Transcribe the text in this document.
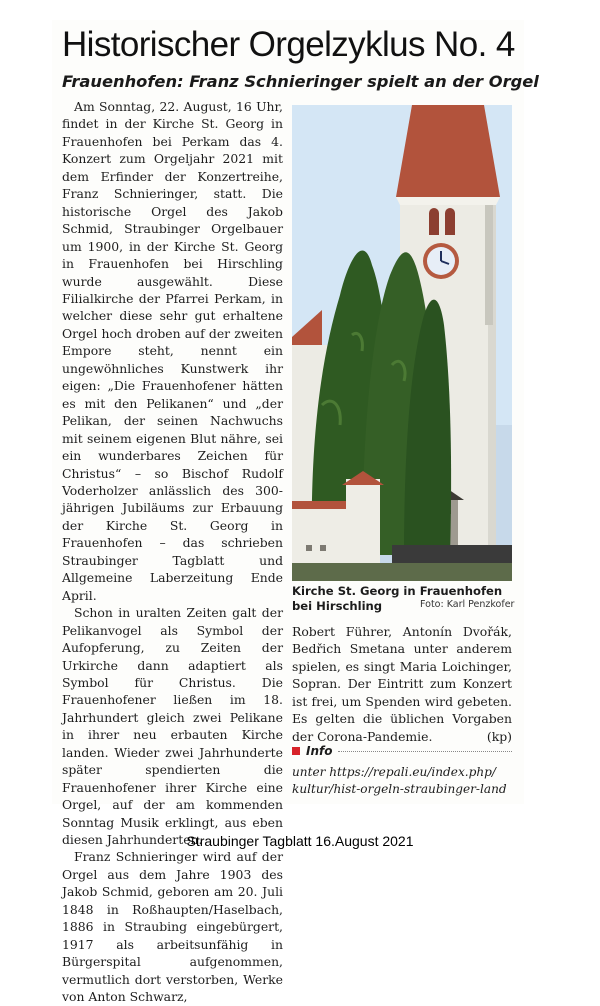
Historischer Orgelzyklus No. 4
Frauenhofen: Franz Schnieringer spielt an der Orgel

Am Sonntag, 22. August, 16 Uhr, findet in der Kirche St. Georg in Frauenhofen bei Perkam das 4. Konzert zum Orgeljahr 2021 mit dem Erfinder der Konzertreihe, Franz Schnieringer, statt. Die historische Orgel des Jakob Schmid, Straubinger Orgelbauer um 1900, in der Kirche St. Georg in Frauenhofen bei Hirschling wurde ausgewählt. Diese Filialkirche der Pfarrei Perkam, in welcher diese sehr gut erhaltene Orgel hoch droben auf der zweiten Empore steht, nennt ein ungewöhnliches Kunstwerk ihr eigen: „Die Frauenhofener hätten es mit den Pelikanen“ und „der Pelikan, der seinen Nachwuchs mit seinem eigenen Blut nähre, sei ein wunderbares Zeichen für Christus“ – so Bischof Rudolf Voderholzer anlässlich des 300-jährigen Jubiläums zur Erbauung der Kirche St. Georg in Frauenhofen – das schrieben Straubinger Tagblatt und Allgemeine Laberzeitung Ende April.

Schon in uralten Zeiten galt der Pelikanvogel als Symbol der Aufopferung, zu Zeiten der Urkirche dann adaptiert als Symbol für Christus. Die Frauenhofener ließen im 18. Jahrhundert gleich zwei Pelikane in ihrer neu erbauten Kirche landen. Wieder zwei Jahrhunderte später spendierten die Frauenhofener ihrer Kirche eine Orgel, auf der am kommenden Sonntag Musik erklingt, aus eben diesen Jahrhunderten.

Franz Schnieringer wird auf der Orgel aus dem Jahre 1903 des Jakob Schmid, geboren am 20. Juli 1848 in Roßhaupten/Haselbach, 1886 in Straubing eingebürgert, 1917 als arbeitsunfähig in Bürgerspital aufgenommen, vermutlich dort verstorben, Werke von Anton Schwarz,

Kirche St. Georg in Frauenhofen bei Hirschling	Foto: Karl Penzkofer

Robert Führer, Antonín Dvořák, Bedřich Smetana unter anderem spielen, es singt Maria Loichinger, Sopran. Der Eintritt zum Konzert ist frei, um Spenden wird gebeten. Es gelten die üblichen Vorgaben der Corona-Pandemie.	(kp)

Info
unter https://repali.eu/index.php/
kultur/hist-orgeln-straubinger-land
Straubinger Tagblatt 16.August 2021
